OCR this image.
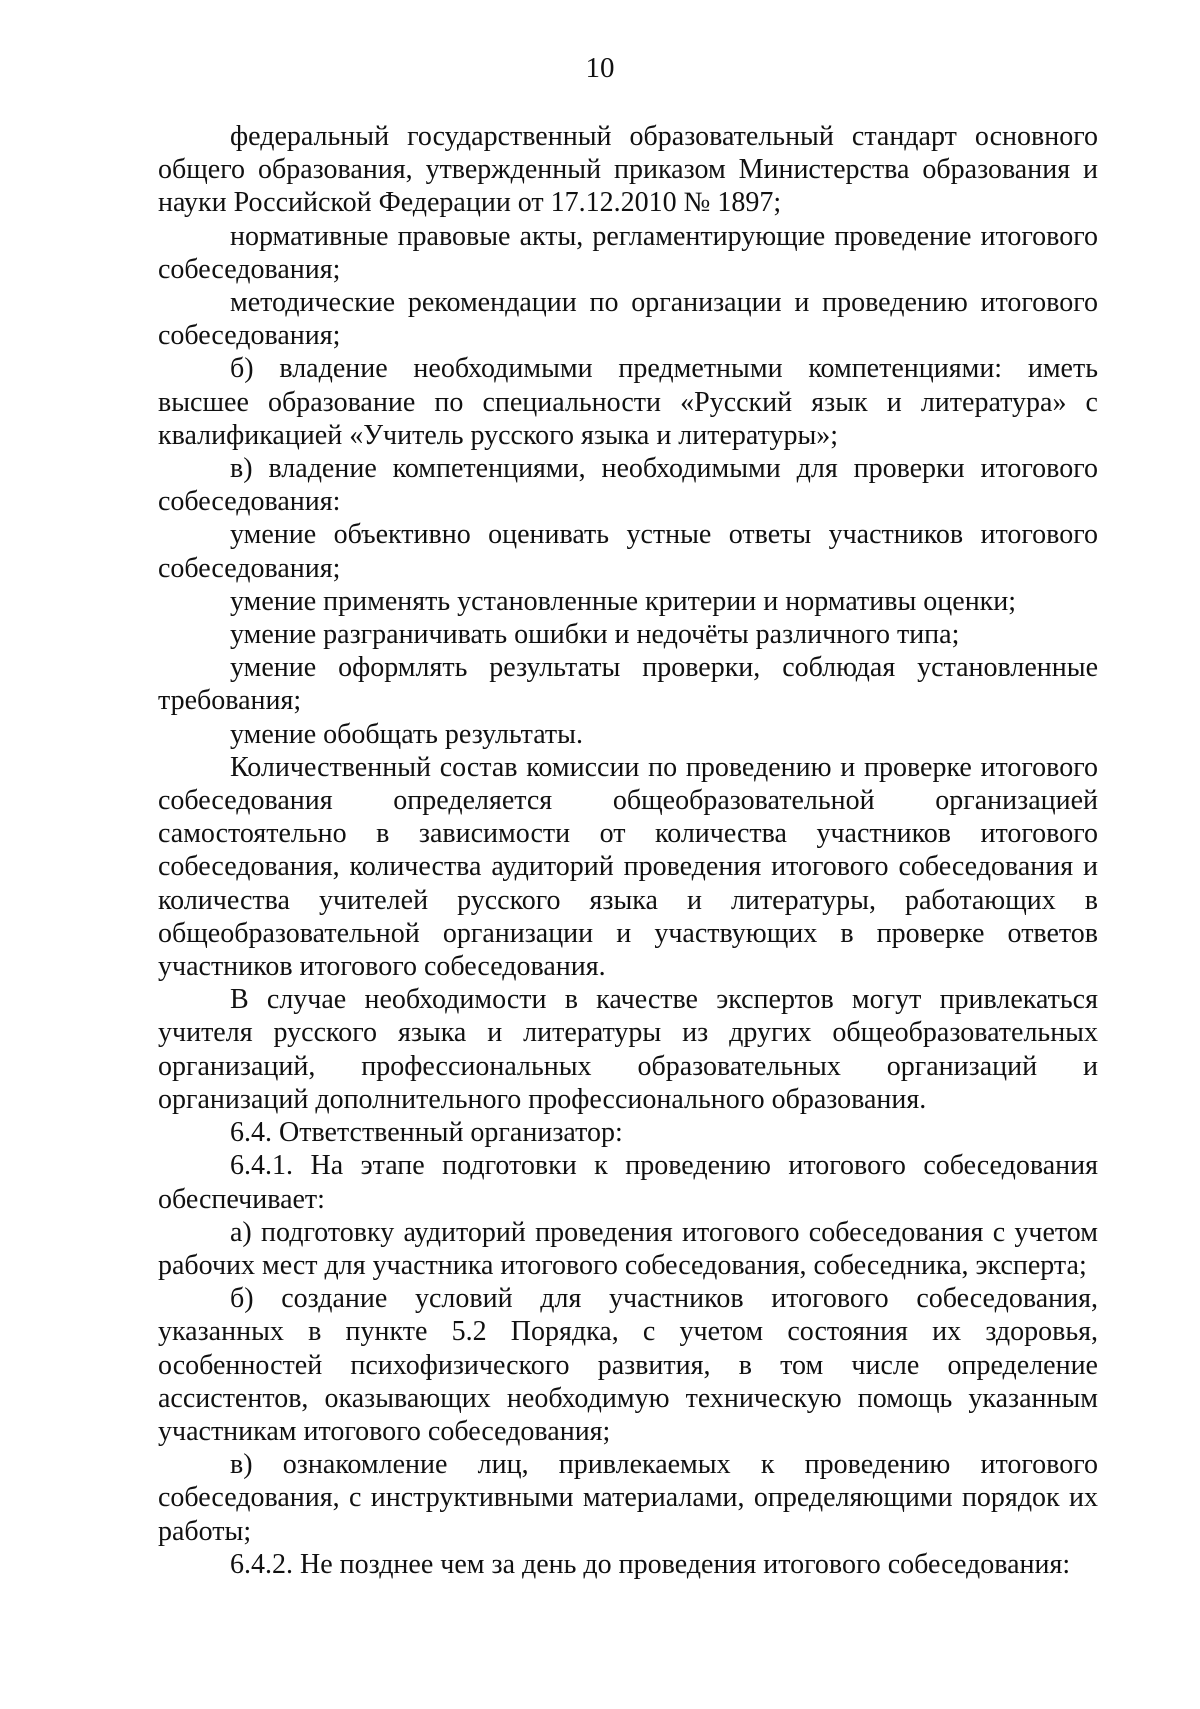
10

федеральный государственный образовательный стандарт основного общего образования, утвержденный приказом Министерства образования и науки Российской Федерации от 17.12.2010 № 1897;

нормативные правовые акты, регламентирующие проведение итогового собеседования;

методические рекомендации по организации и проведению итогового собеседования;

б) владение необходимыми предметными компетенциями: иметь высшее образование по специальности «Русский язык и литература» с квалификацией «Учитель русского языка и литературы»;

в) владение компетенциями, необходимыми для проверки итогового собеседования:

умение объективно оценивать устные ответы участников итогового собеседования;

умение применять установленные критерии и нормативы оценки;

умение разграничивать ошибки и недочёты различного типа;

умение оформлять результаты проверки, соблюдая установленные требования;

умение обобщать результаты.

Количественный состав комиссии по проведению и проверке итогового собеседования определяется общеобразовательной организацией самостоятельно в зависимости от количества участников итогового собеседования, количества аудиторий проведения итогового собеседования и количества учителей русского языка и литературы, работающих в общеобразовательной организации и участвующих в проверке ответов участников итогового собеседования.

В случае необходимости в качестве экспертов могут привлекаться учителя русского языка и литературы из других общеобразовательных организаций, профессиональных образовательных организаций и организаций дополнительного профессионального образования.

6.4. Ответственный организатор:

6.4.1. На этапе подготовки к проведению итогового собеседования обеспечивает:

а) подготовку аудиторий проведения итогового собеседования с учетом рабочих мест для участника итогового собеседования, собеседника, эксперта;

б) создание условий для участников итогового собеседования, указанных в пункте 5.2 Порядка, с учетом состояния их здоровья, особенностей психофизического развития, в том числе определение ассистентов, оказывающих необходимую техническую помощь указанным участникам итогового собеседования;

в) ознакомление лиц, привлекаемых к проведению итогового собеседования, с инструктивными материалами, определяющими порядок их работы;

6.4.2. Не позднее чем за день до проведения итогового собеседования:
